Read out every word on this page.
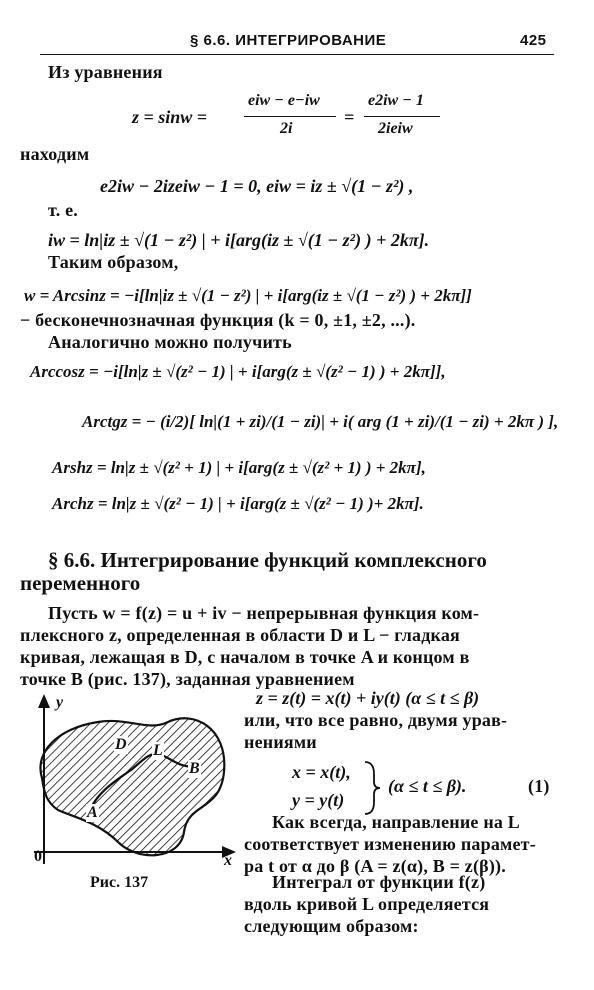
§ 6.6. ИНТЕГРИРОВАНИЕ	425
Из уравнения
z = sinw =
eiw − e−iw
2i
=
e2iw − 1
2ieiw
находим
e2iw − 2izeiw − 1 = 0, eiw = iz ± √(1 − z²) ,
т. е.
iw = ln|iz ± √(1 − z²) | + i[arg(iz ± √(1 − z²) ) + 2kπ].
Таким образом,
w = Arcsinz = −i[ln|iz ± √(1 − z²) | + i[arg(iz ± √(1 − z²) ) + 2kπ]]
− бесконечнозначная функция (k = 0, ±1, ±2, ...).
Аналогично можно получить
Arccosz = −i[ln|z ± √(z² − 1) | + i[arg(z ± √(z² − 1) ) + 2kπ]],
Arctgz = − (i/2)[ ln|(1 + zi)/(1 − zi)| + i( arg (1 + zi)/(1 − zi) + 2kπ ) ],
Arshz = ln|z ± √(z² + 1) | + i[arg(z ± √(z² + 1) ) + 2kπ],
Archz = ln|z ± √(z² − 1) | + i[arg(z ± √(z² − 1) )+ 2kπ].
§ 6.6. Интегрирование функций комплексного
переменного
Пусть w = f(z) = u + iv − непрерывная функция ком-
плексного z, определенная в области D и L − гладкая
кривая, лежащая в D, с началом в точке A и концом в
точке B (рис. 137), заданная уравнением
z = z(t) = x(t) + iy(t) (α ≤ t ≤ β)
или, что все равно, двумя урав-
нениями
x = x(t),
y = y(t)
(α ≤ t ≤ β).	(1)
Как всегда, направление на L
соответствует изменению парамет-
ра t от α до β (A = z(α), B = z(β)).
Интеграл от функции f(z)
вдоль кривой L определяется
следующим образом:
y
x
0
D L
A
B
Рис. 137
